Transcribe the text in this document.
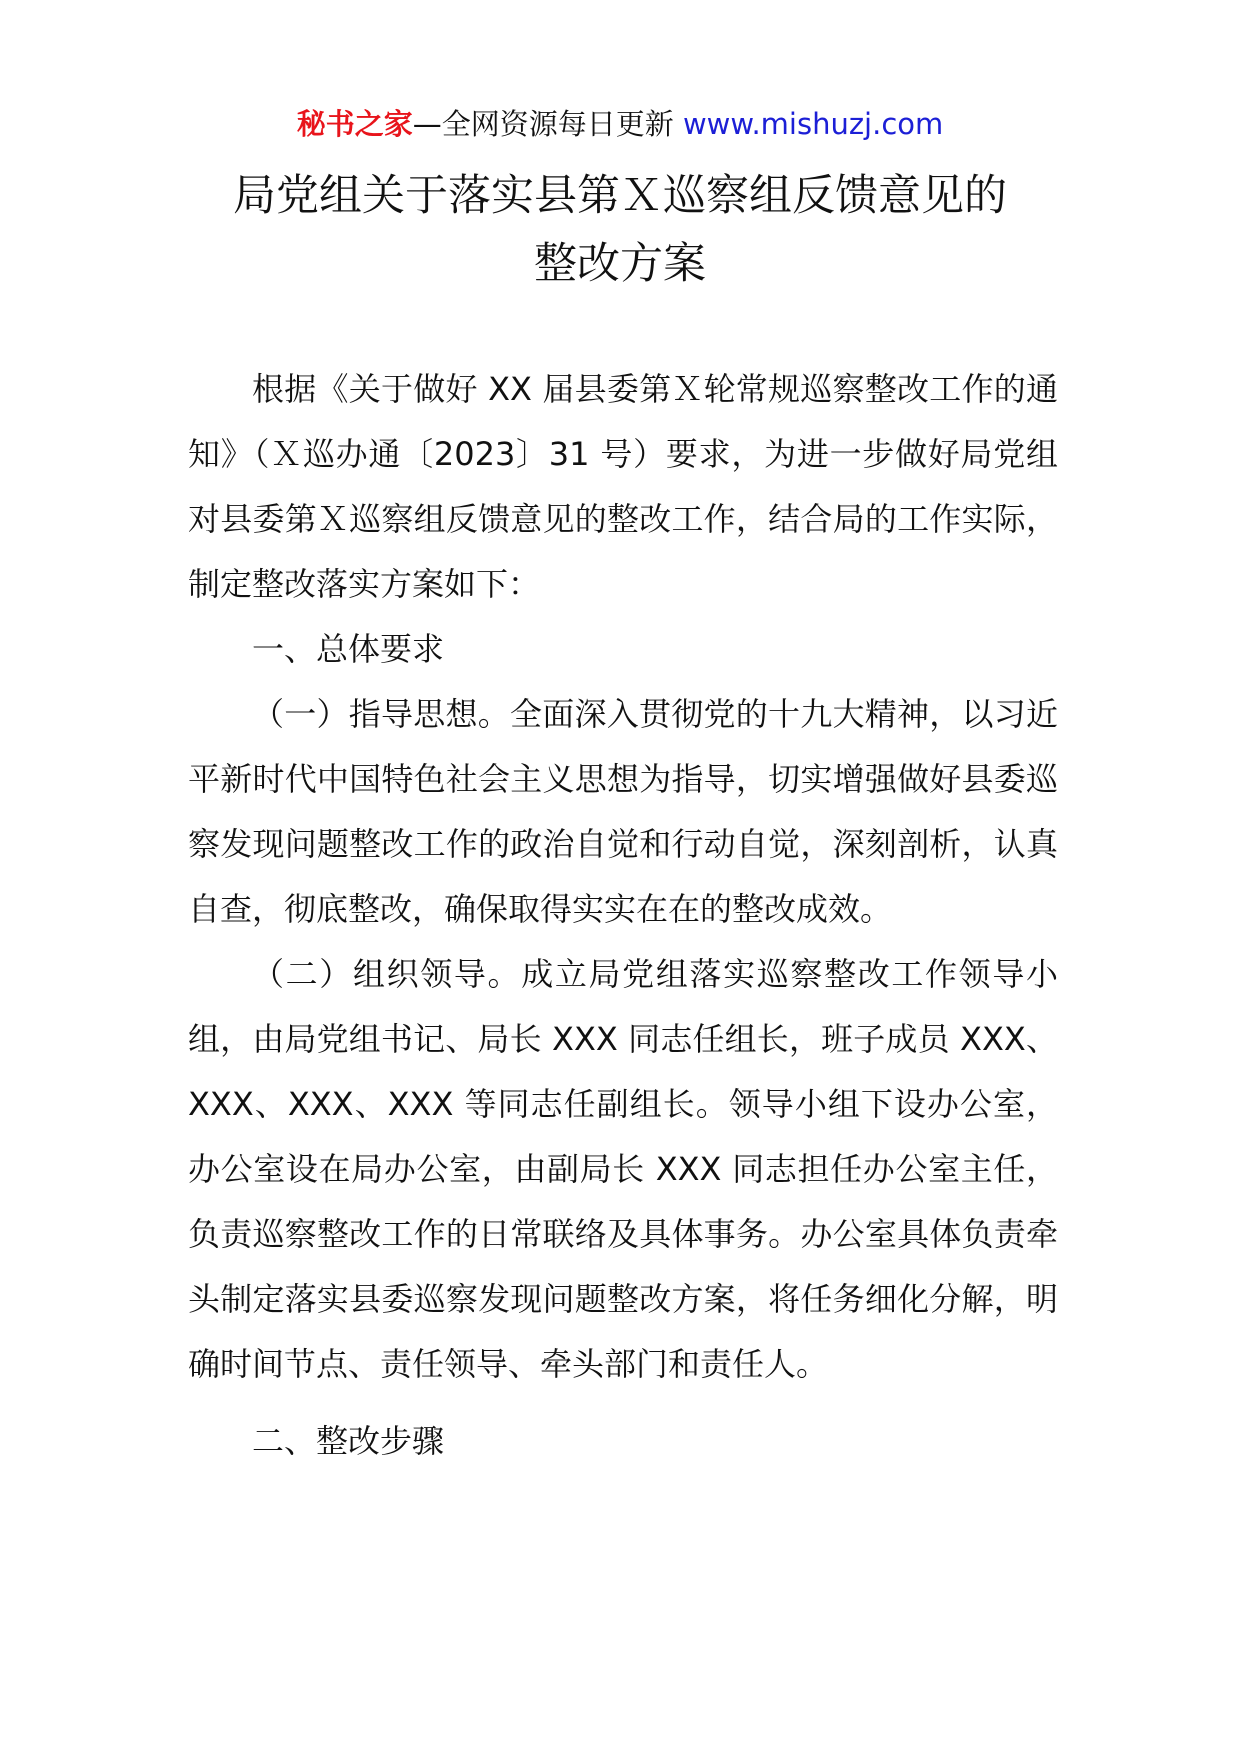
秘书之家—全网资源每日更新 www.mishuzj.com
局党组关于落实县第Ｘ巡察组反馈意见的
整改方案

根据《关于做好 XX 届县委第Ｘ轮常规巡察整改工作的通知》（Ｘ巡办通〔2023〕31 号）要求，为进一步做好局党组对县委第Ｘ巡察组反馈意见的整改工作，结合局的工作实际，制定整改落实方案如下：

一、总体要求

（一）指导思想。全面深入贯彻党的十九大精神，以习近平新时代中国特色社会主义思想为指导，切实增强做好县委巡察发现问题整改工作的政治自觉和行动自觉，深刻剖析，认真自查，彻底整改，确保取得实实在在的整改成效。

（二）组织领导。成立局党组落实巡察整改工作领导小组，由局党组书记、局长 XXX 同志任组长，班子成员 XXX、XXX、XXX、XXX 等同志任副组长。领导小组下设办公室，办公室设在局办公室，由副局长 XXX 同志担任办公室主任，负责巡察整改工作的日常联络及具体事务。办公室具体负责牵头制定落实县委巡察发现问题整改方案，将任务细化分解，明确时间节点、责任领导、牵头部门和责任人。

二、整改步骤
